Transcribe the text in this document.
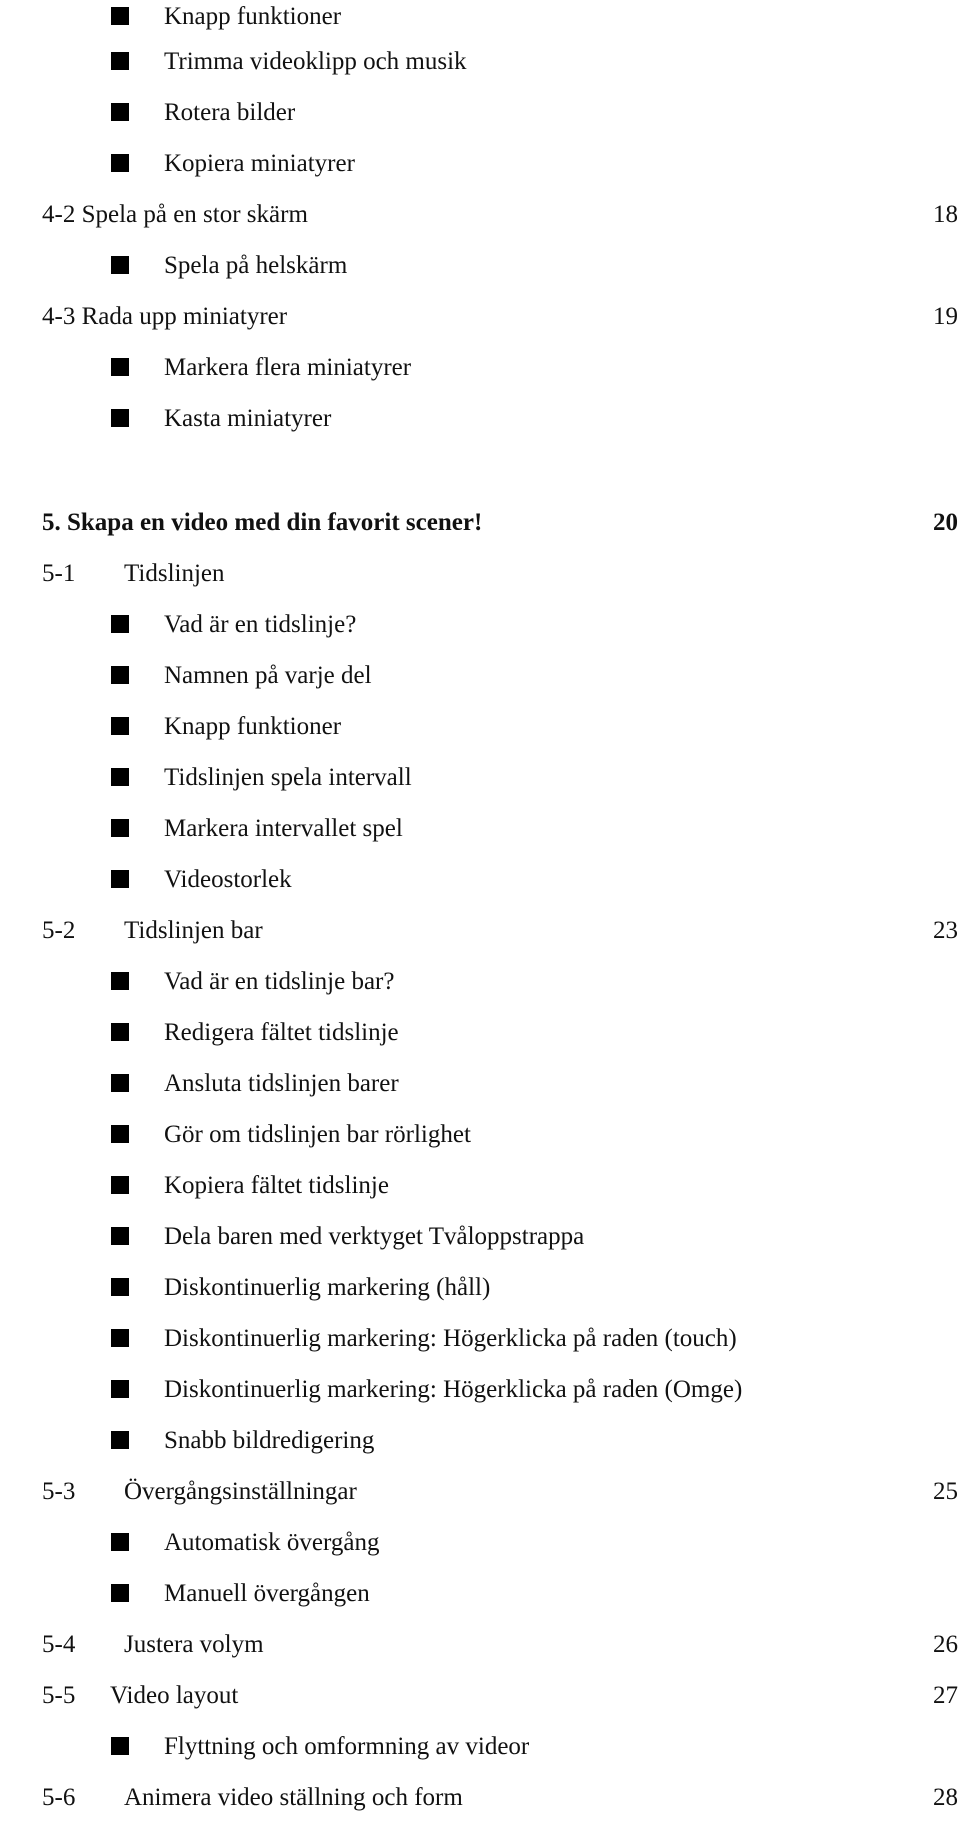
Knapp funktioner
Trimma videoklipp och musik
Rotera bilder
Kopiera miniatyrer
4-2 Spela på en stor skärm	18
Spela på helskärm
4-3 Rada upp miniatyrer	19
Markera flera miniatyrer
Kasta miniatyrer
5. Skapa en video med din favorit scener!	20
5-1 Tidslinjen
Vad är en tidslinje?
Namnen på varje del
Knapp funktioner
Tidslinjen spela intervall
Markera intervallet spel
Videostorlek
5-2 Tidslinjen bar	23
Vad är en tidslinje bar?
Redigera fältet tidslinje
Ansluta tidslinjen barer
Gör om tidslinjen bar rörlighet
Kopiera fältet tidslinje
Dela baren med verktyget Tvåloppstrappa
Diskontinuerlig markering (håll)
Diskontinuerlig markering: Högerklicka på raden (touch)
Diskontinuerlig markering: Högerklicka på raden (Omge)
Snabb bildredigering
5-3 Övergångsinställningar	25
Automatisk övergång
Manuell övergången
5-4 Justera volym	26
5-5 Video layout	27
Flyttning och omformning av videor
5-6 Animera video ställning och form	28
